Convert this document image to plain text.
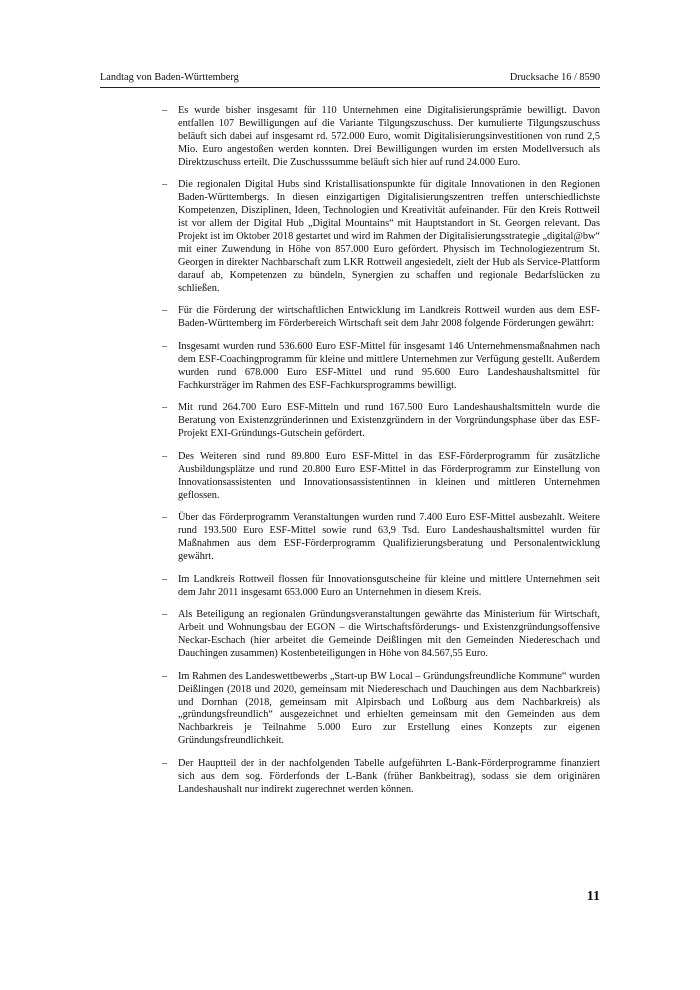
Landtag von Baden-Württemberg	Drucksache 16 / 8590
– Es wurde bisher insgesamt für 110 Unternehmen eine Digitalisierungsprämie bewilligt. Davon entfallen 107 Bewilligungen auf die Variante Tilgungszuschuss. Der kumulierte Tilgungszuschuss beläuft sich dabei auf insgesamt rd. 572.000 Euro, womit Digitalisierungsinvestitionen von rund 2,5 Mio. Euro angestoßen werden konnten. Drei Bewilligungen wurden im ersten Modellversuch als Direktzuschuss erteilt. Die Zuschusssumme beläuft sich hier auf rund 24.000 Euro.
– Die regionalen Digital Hubs sind Kristallisationspunkte für digitale Innovationen in den Regionen Baden-Württembergs. In diesen einzigartigen Digitalisierungszentren treffen unterschiedlichste Kompetenzen, Disziplinen, Ideen, Technologien und Kreativität aufeinander. Für den Kreis Rottweil ist vor allem der Digital Hub „Digital Mountains“ mit Hauptstandort in St. Georgen relevant. Das Projekt ist im Oktober 2018 gestartet und wird im Rahmen der Digitalisierungsstrategie „digital@bw“ mit einer Zuwendung in Höhe von 857.000 Euro gefördert. Physisch im Technologiezentrum St. Georgen in direkter Nachbarschaft zum LKR Rottweil angesiedelt, zielt der Hub als Service-Plattform darauf ab, Kompetenzen zu bündeln, Synergien zu schaffen und regionale Bedarfslücken zu schließen.
– Für die Förderung der wirtschaftlichen Entwicklung im Landkreis Rottweil wurden aus dem ESF-Baden-Württemberg im Förderbereich Wirtschaft seit dem Jahr 2008 folgende Förderungen gewährt:
– Insgesamt wurden rund 536.600 Euro ESF-Mittel für insgesamt 146 Unternehmensmaßnahmen nach dem ESF-Coachingprogramm für kleine und mittlere Unternehmen zur Verfügung gestellt. Außerdem wurden rund 678.000 Euro ESF-Mittel und rund 95.600 Euro Landeshaushaltsmittel für Fachkursträger im Rahmen des ESF-Fachkursprogramms bewilligt.
– Mit rund 264.700 Euro ESF-Mitteln und rund 167.500 Euro Landeshaushaltsmitteln wurde die Beratung von Existenzgründerinnen und Existenzgründern in der Vorgründungsphase über das ESF-Projekt EXI-Gründungs-Gutschein gefördert.
– Des Weiteren sind rund 89.800 Euro ESF-Mittel in das ESF-Förderprogramm für zusätzliche Ausbildungsplätze und rund 20.800 Euro ESF-Mittel in das Förderprogramm zur Einstellung von Innovationsassistenten und Innovationsassistentinnen in kleinen und mittleren Unternehmen geflossen.
– Über das Förderprogramm Veranstaltungen wurden rund 7.400 Euro ESF-Mittel ausbezahlt. Weitere rund 193.500 Euro ESF-Mittel sowie rund 63,9 Tsd. Euro Landeshaushaltsmittel wurden für Maßnahmen aus dem ESF-Förderprogramm Qualifizierungsberatung und Personalentwicklung gewährt.
– Im Landkreis Rottweil flossen für Innovationsgutscheine für kleine und mittlere Unternehmen seit dem Jahr 2011 insgesamt 653.000 Euro an Unternehmen in diesem Kreis.
– Als Beteiligung an regionalen Gründungsveranstaltungen gewährte das Ministerium für Wirtschaft, Arbeit und Wohnungsbau der EGON – die Wirtschaftsförderungs- und Existenzgründungsoffensive Neckar-Eschach (hier arbeitet die Gemeinde Deißlingen mit den Gemeinden Niedereschach und Dauchingen zusammen) Kostenbeteiligungen in Höhe von 84.567,55 Euro.
– Im Rahmen des Landeswettbewerbs „Start-up BW Local – Gründungsfreundliche Kommune“ wurden Deißlingen (2018 und 2020, gemeinsam mit Niedereschach und Dauchingen aus dem Nachbarkreis) und Dornhan (2018, gemeinsam mit Alpirsbach und Loßburg aus dem Nachbarkreis) als „gründungsfreundlich“ ausgezeichnet und erhielten gemeinsam mit den Gemeinden aus dem Nachbarkreis je Teilnahme 5.000 Euro zur Erstellung eines Konzepts zur eigenen Gründungsfreundlichkeit.
– Der Hauptteil der in der nachfolgenden Tabelle aufgeführten L-Bank-Förderprogramme finanziert sich aus dem sog. Förderfonds der L-Bank (früher Bankbeitrag), sodass sie dem originären Landeshaushalt nur indirekt zugerechnet werden können.
11
